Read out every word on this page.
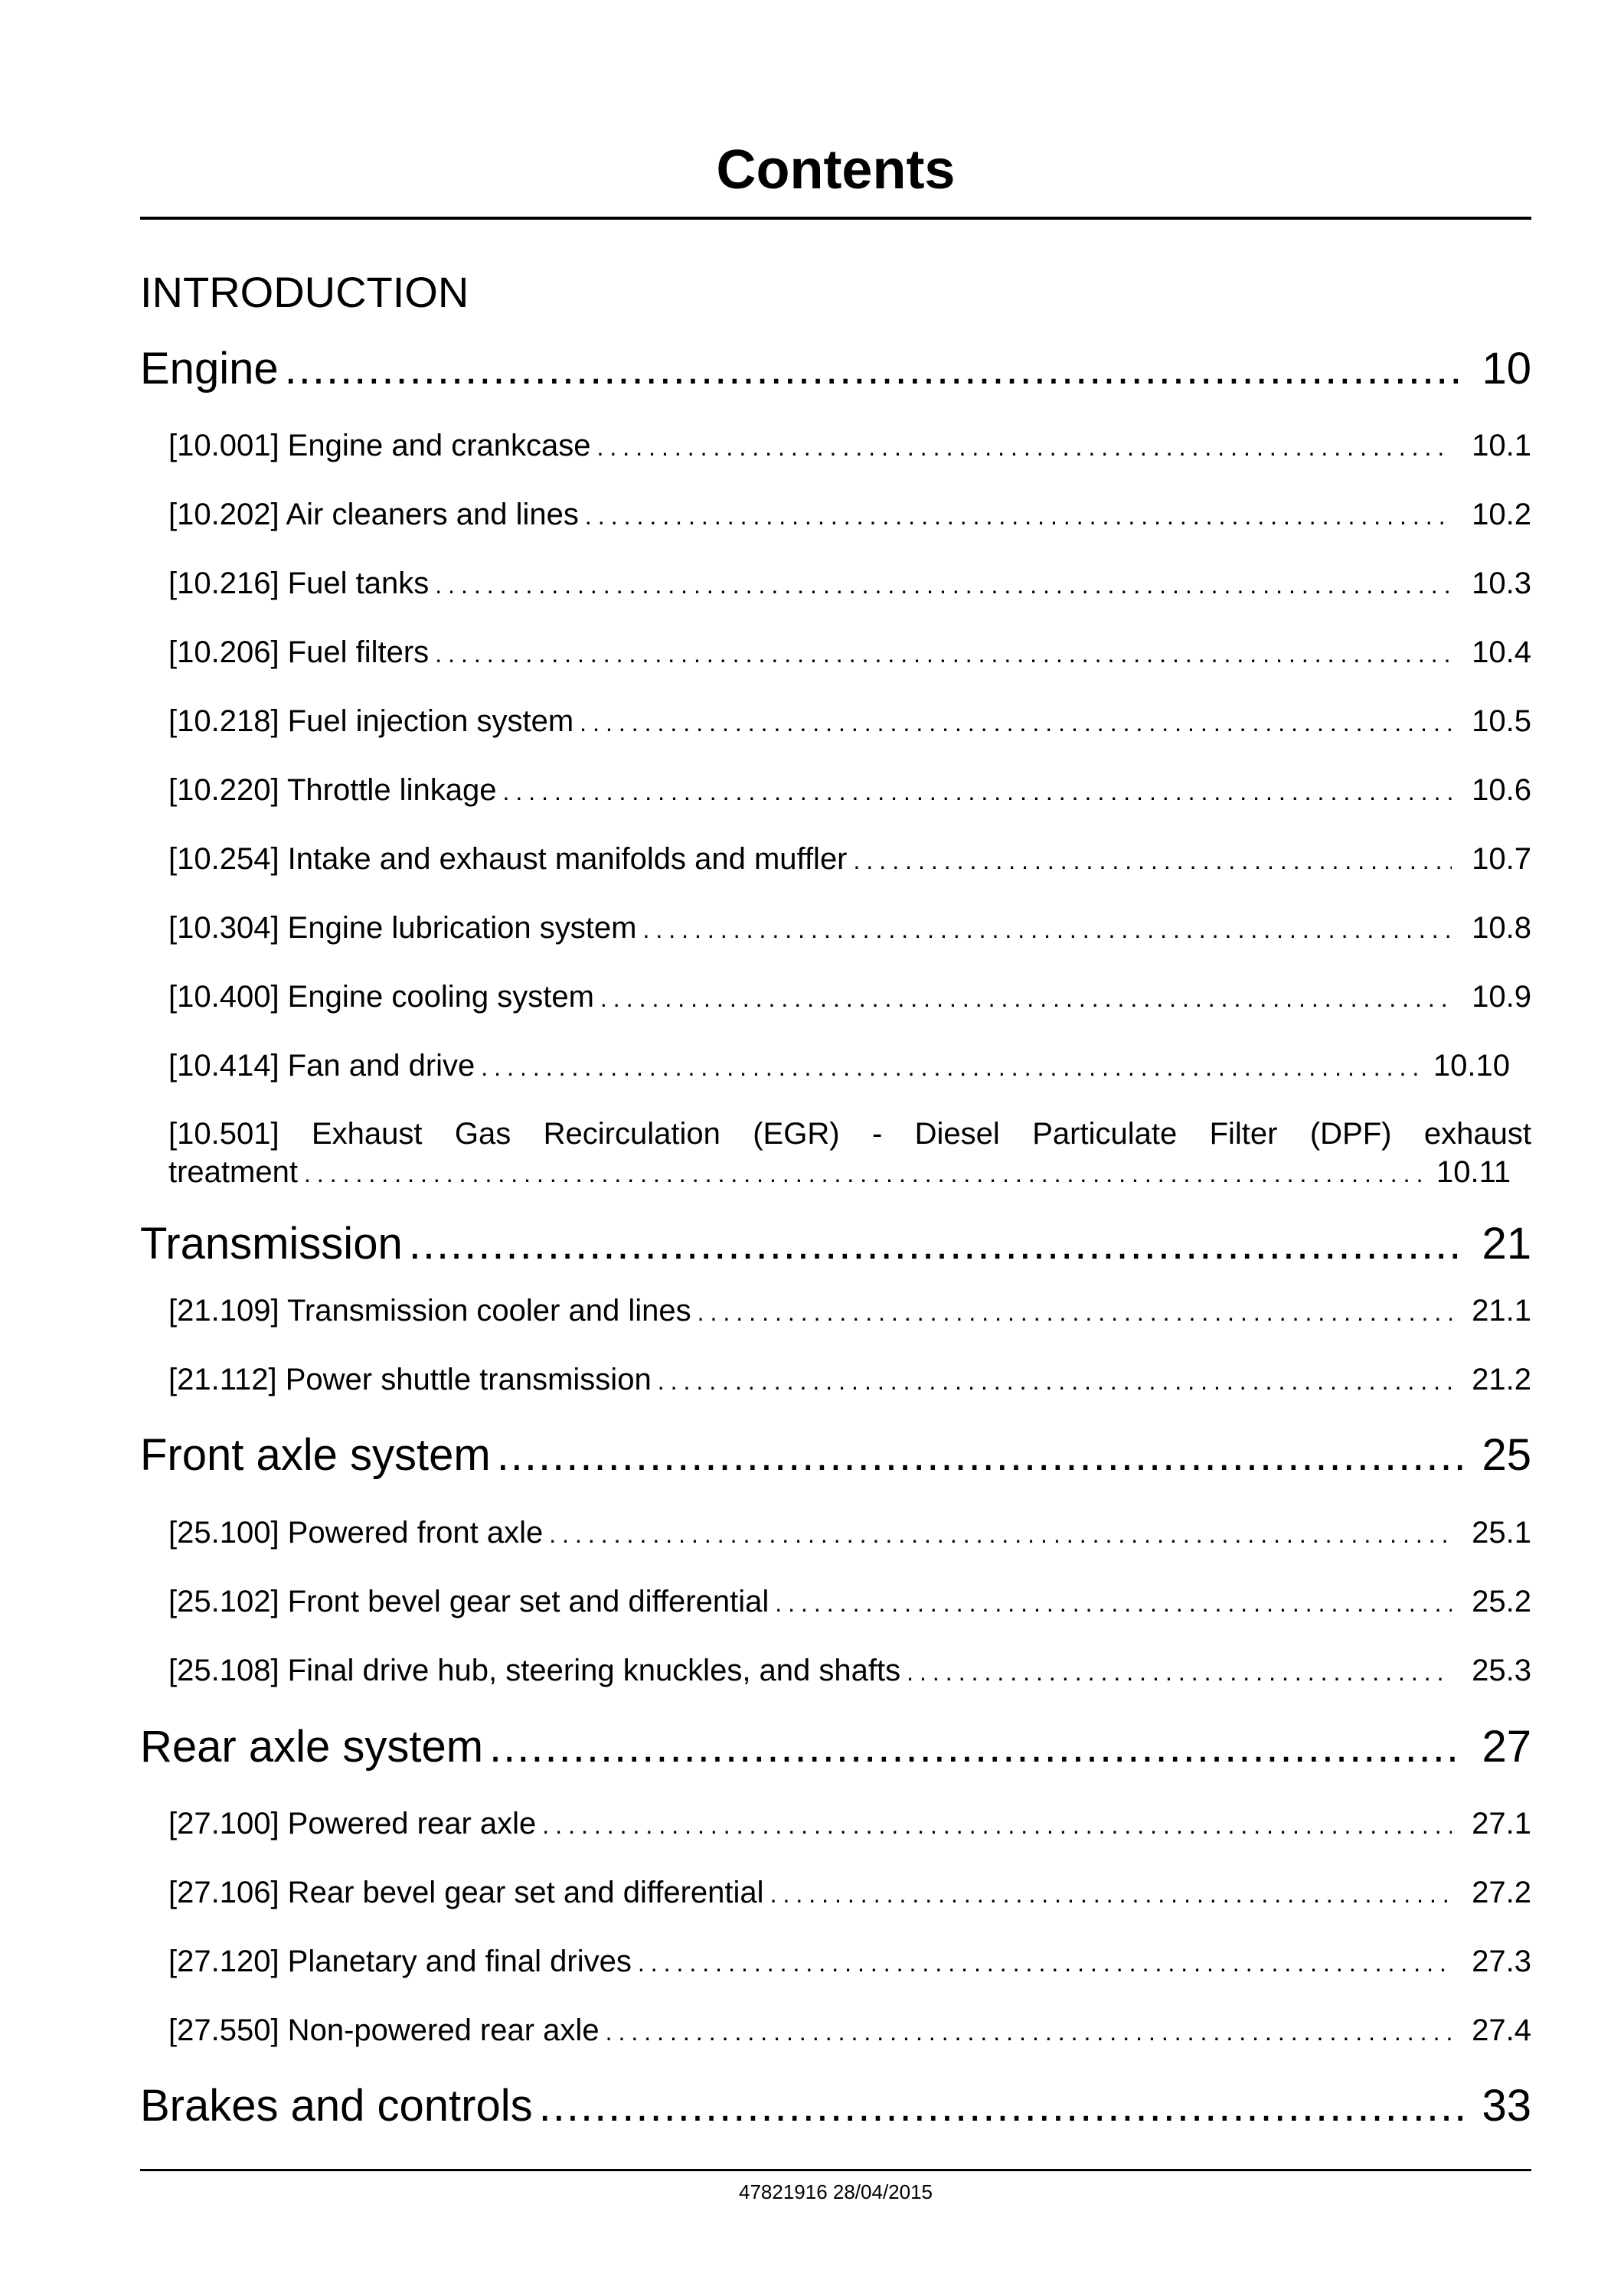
Contents
INTRODUCTION
Engine .....	10
[10.001] Engine and crankcase .....	10.1
[10.202] Air cleaners and lines .....	10.2
[10.216] Fuel tanks .....	10.3
[10.206] Fuel filters .....	10.4
[10.218] Fuel injection system .....	10.5
[10.220] Throttle linkage .....	10.6
[10.254] Intake and exhaust manifolds and muffler .....	10.7
[10.304] Engine lubrication system .....	10.8
[10.400] Engine cooling system .....	10.9
[10.414] Fan and drive .....	10.10
[10.501] Exhaust Gas Recirculation (EGR) - Diesel Particulate Filter (DPF) exhaust
treatment .....	10.11
Transmission .....	21
[21.109] Transmission cooler and lines .....	21.1
[21.112] Power shuttle transmission .....	21.2
Front axle system .....	25
[25.100] Powered front axle .....	25.1
[25.102] Front bevel gear set and differential .....	25.2
[25.108] Final drive hub, steering knuckles, and shafts .....	25.3
Rear axle system .....	27
[27.100] Powered rear axle .....	27.1
[27.106] Rear bevel gear set and differential .....	27.2
[27.120] Planetary and final drives .....	27.3
[27.550] Non-powered rear axle .....	27.4
Brakes and controls .....	33
47821916 28/04/2015
